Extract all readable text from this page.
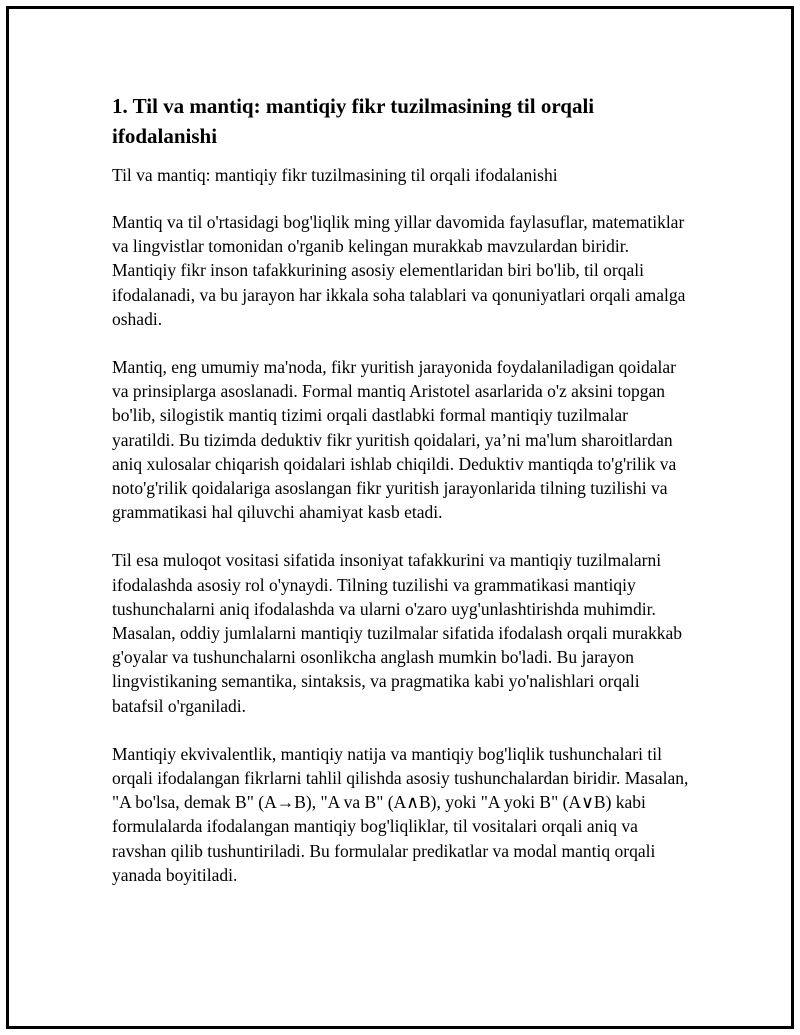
1. Til va mantiq: mantiqiy fikr tuzilmasining til orqali ifodalanishi

Til va mantiq: mantiqiy fikr tuzilmasining til orqali ifodalanishi

Mantiq va til o'rtasidagi bog'liqlik ming yillar davomida faylasuflar, matematiklar va lingvistlar tomonidan o'rganib kelingan murakkab mavzulardan biridir. Mantiqiy fikr inson tafakkurining asosiy elementlaridan biri bo'lib, til orqali ifodalanadi, va bu jarayon har ikkala soha talablari va qonuniyatlari orqali amalga oshadi.

Mantiq, eng umumiy ma'noda, fikr yuritish jarayonida foydalaniladigan qoidalar va prinsiplarga asoslanadi. Formal mantiq Aristotel asarlarida o'z aksini topgan bo'lib, silogistik mantiq tizimi orqali dastlabki formal mantiqiy tuzilmalar yaratildi. Bu tizimda deduktiv fikr yuritish qoidalari, ya’ni ma'lum sharoitlardan aniq xulosalar chiqarish qoidalari ishlab chiqildi. Deduktiv mantiqda to'g'rilik va noto'g'rilik qoidalariga asoslangan fikr yuritish jarayonlarida tilning tuzilishi va grammatikasi hal qiluvchi ahamiyat kasb etadi.

Til esa muloqot vositasi sifatida insoniyat tafakkurini va mantiqiy tuzilmalarni ifodalashda asosiy rol o'ynaydi. Tilning tuzilishi va grammatikasi mantiqiy tushunchalarni aniq ifodalashda va ularni o'zaro uyg'unlashtirishda muhimdir. Masalan, oddiy jumlalarni mantiqiy tuzilmalar sifatida ifodalash orqali murakkab g'oyalar va tushunchalarni osonlikcha anglash mumkin bo'ladi. Bu jarayon lingvistikaning semantika, sintaksis, va pragmatika kabi yo'nalishlari orqali batafsil o'rganiladi.

Mantiqiy ekvivalentlik, mantiqiy natija va mantiqiy bog'liqlik tushunchalari til orqali ifodalangan fikrlarni tahlil qilishda asosiy tushunchalardan biridir. Masalan, "A bo'lsa, demak B" (A→B), "A va B" (A∧B), yoki "A yoki B" (A∨B) kabi formulalarda ifodalangan mantiqiy bog'liqliklar, til vositalari orqali aniq va ravshan qilib tushuntiriladi. Bu formulalar predikatlar va modal mantiq orqali yanada boyitiladi.
